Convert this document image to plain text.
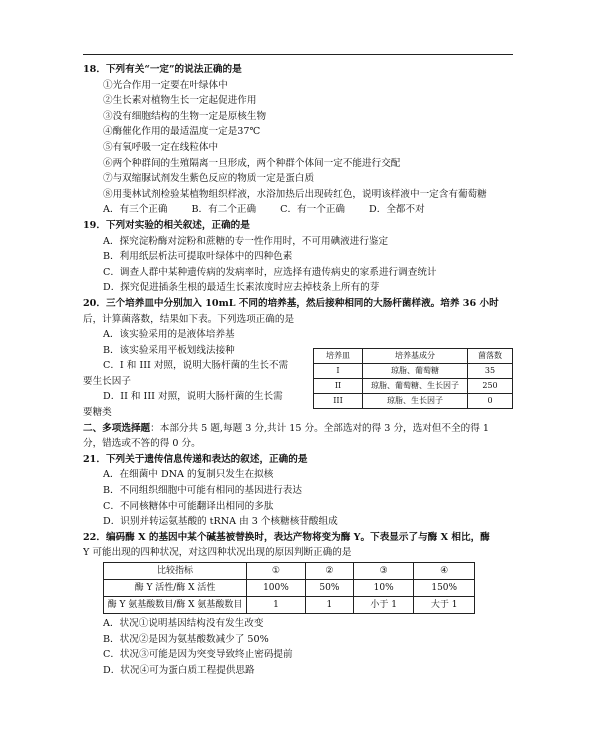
18．下列有关“一定”的说法正确的是
①光合作用一定要在叶绿体中
②生长素对植物生长一定起促进作用
③没有细胞结构的生物一定是原核生物
④酶催化作用的最适温度一定是37℃
⑤有氧呼吸一定在线粒体中
⑥两个种群间的生殖隔离一旦形成，两个种群个体间一定不能进行交配
⑦与双缩脲试剂发生紫色反应的物质一定是蛋白质
⑧用斐林试剂检验某植物组织样液，水浴加热后出现砖红色，说明该样液中一定含有葡萄糖
A．有三个正确	B．有二个正确	C．有一个正确	D．全都不对
19．下列对实验的相关叙述，正确的是
A．探究淀粉酶对淀粉和蔗糖的专一性作用时，不可用碘液进行鉴定
B．利用纸层析法可提取叶绿体中的四种色素
C．调查人群中某种遗传病的发病率时，应选择有遗传病史的家系进行调查统计
D．探究促进插条生根的最适生长素浓度时应去掉枝条上所有的芽
20．三个培养皿中分别加入 10mL 不同的培养基，然后接种相同的大肠杆菌样液。培养 36 小时
后，计算菌落数，结果如下表。下列选项正确的是
A．该实验采用的是液体培养基
B．该实验采用平板划线法接种
C．I 和 III 对照，说明大肠杆菌的生长不需
要生长因子
D．II 和 III 对照，说明大肠杆菌的生长需
要糖类
培养皿	培养基成分	菌落数
I	琼脂、葡萄糖	35
II	琼脂、葡萄糖、生长因子	250
III	琼脂、生长因子	0
二、多项选择题：本部分共 5 题,每题 3 分,共计 15 分。全部选对的得 3 分，选对但不全的得 1
分，错选或不答的得 0 分。
21．下列关于遗传信息传递和表达的叙述，正确的是
A．在细菌中 DNA 的复制只发生在拟核
B．不同组织细胞中可能有相同的基因进行表达
C．不同核糖体中可能翻译出相同的多肽
D．识别并转运氨基酸的 tRNA 由 3 个核糖核苷酸组成
22．编码酶 X 的基因中某个碱基被替换时，表达产物将变为酶 Y。下表显示了与酶 X 相比，酶
Y 可能出现的四种状况，对这四种状况出现的原因判断正确的是
比较指标	①	②	③	④
酶 Y 活性/酶 X 活性	100%	50%	10%	150%
酶 Y 氨基酸数目/酶 X 氨基酸数目	1	1	小于 1	大于 1
A．状况①说明基因结构没有发生改变
B．状况②是因为氨基酸数减少了 50%
C．状况③可能是因为突变导致终止密码提前
D．状况④可为蛋白质工程提供思路
